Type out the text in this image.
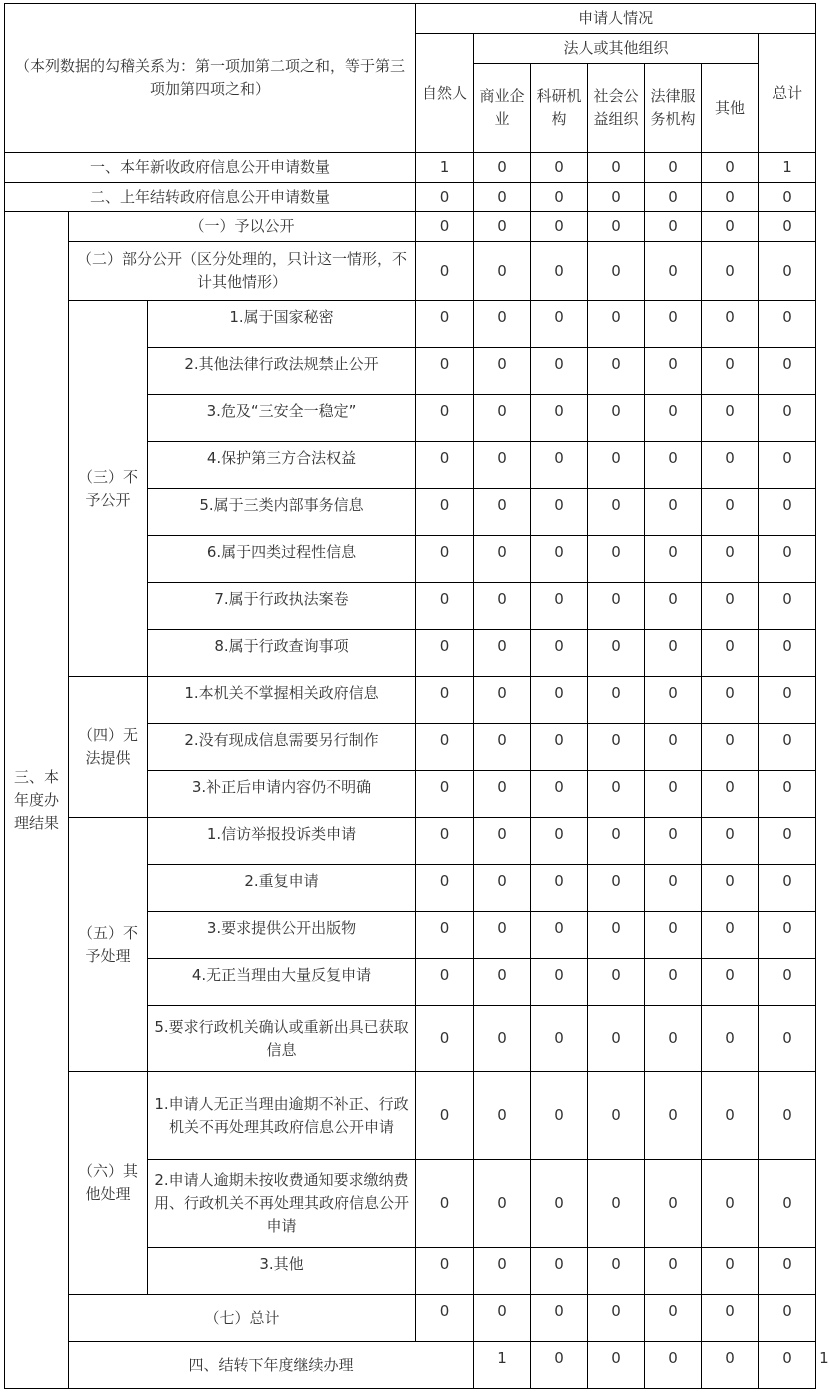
（本列数据的勾稽关系为：第一项加第二项之和，等于第三项加第四项之和）			申请人情况							
			自然人	法人或其他组织					总计	
				商业企业	科研机构	社会公益组织	法律服务机构	其他		
一、本年新收政府信息公开申请数量			1	0	0	0	0	0	1	
二、上年结转政府信息公开申请数量			0	0	0	0	0	0	0	
三、本年度办理结果	（一）予以公开		0	0	0	0	0	0	0	
	（二）部分公开（区分处理的，只计这一情形，不计其他情形）		0	0	0	0	0	0	0	
	（三）不予公开	1.属于国家秘密	0	0	0	0	0	0	0	
		2.其他法律行政法规禁止公开	0	0	0	0	0	0	0	
		3.危及“三安全一稳定”	0	0	0	0	0	0	0	
		4.保护第三方合法权益	0	0	0	0	0	0	0	
		5.属于三类内部事务信息	0	0	0	0	0	0	0	
		6.属于四类过程性信息	0	0	0	0	0	0	0	
		7.属于行政执法案卷	0	0	0	0	0	0	0	
		8.属于行政查询事项	0	0	0	0	0	0	0	
	（四）无法提供	1.本机关不掌握相关政府信息	0	0	0	0	0	0	0	
		2.没有现成信息需要另行制作	0	0	0	0	0	0	0	
		3.补正后申请内容仍不明确	0	0	0	0	0	0	0	
	（五）不予处理	1.信访举报投诉类申请	0	0	0	0	0	0	0	
		2.重复申请	0	0	0	0	0	0	0	
		3.要求提供公开出版物	0	0	0	0	0	0	0	
		4.无正当理由大量反复申请	0	0	0	0	0	0	0	
		5.要求行政机关确认或重新出具已获取信息	0	0	0	0	0	0	0	
	（六）其他处理	1.申请人无正当理由逾期不补正、行政机关不再处理其政府信息公开申请	0	0	0	0	0	0	0	
		2.申请人逾期未按收费通知要求缴纳费用、行政机关不再处理其政府信息公开申请	0	0	0	0	0	0	0	
		3.其他	0	0	0	0	0	0	0	
	（七）总计		0	0	0	0	0	0	0	
	四、结转下年度继续办理			1	0	0	0	0	0	1
